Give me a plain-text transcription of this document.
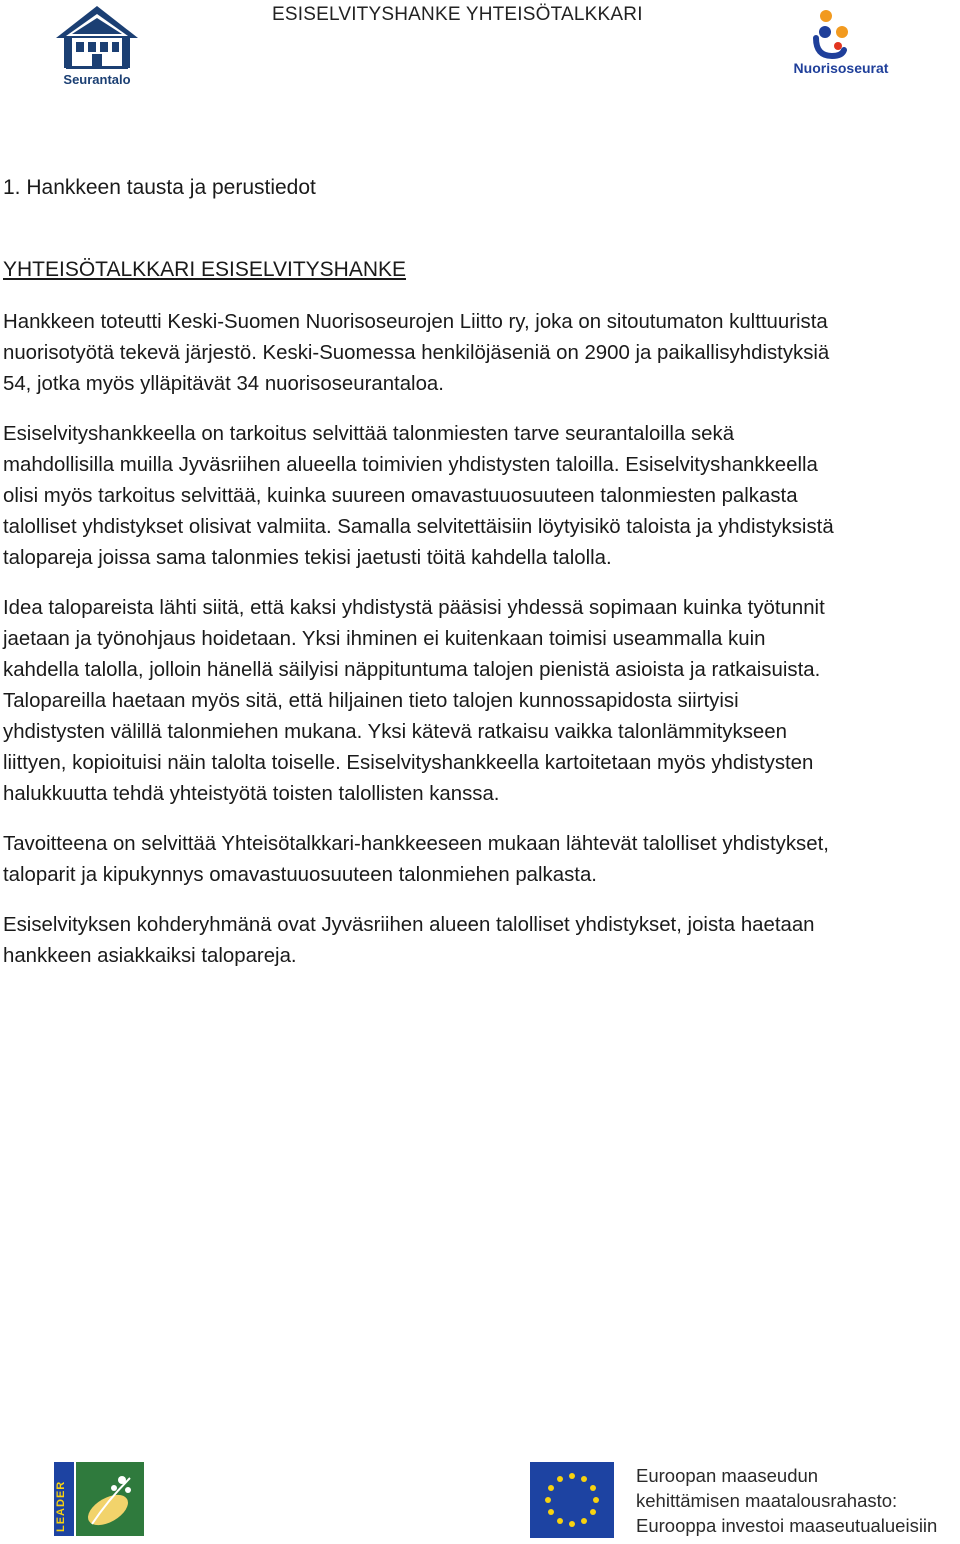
ESISELVITYSHANKE YHTEISÖTALKKARI
Seurantalo
Nuorisoseurat
1. Hankkeen tausta ja perustiedot
YHTEISÖTALKKARI ESISELVITYSHANKE

Hankkeen toteutti Keski-Suomen Nuorisoseurojen Liitto ry, joka on sitoutumaton kulttuurista
nuorisotyötä tekevä järjestö. Keski-Suomessa henkilöjäseniä on 2900 ja paikallisyhdistyksiä
54, jotka myös ylläpitävät 34 nuorisoseurantaloa.

Esiselvityshankkeella on tarkoitus selvittää talonmiesten tarve seurantaloilla sekä
mahdollisilla muilla Jyväsriihen alueella toimivien yhdistysten taloilla. Esiselvityshankkeella
olisi myös tarkoitus selvittää, kuinka suureen omavastuuosuuteen talonmiesten palkasta
talolliset yhdistykset olisivat valmiita. Samalla selvitettäisiin löytyisikö taloista ja yhdistyksistä
talopareja joissa sama talonmies tekisi jaetusti töitä kahdella talolla.

Idea talopareista lähti siitä, että kaksi yhdistystä pääsisi yhdessä sopimaan kuinka työtunnit
jaetaan ja työnohjaus hoidetaan. Yksi ihminen ei kuitenkaan toimisi useammalla kuin
kahdella talolla, jolloin hänellä säilyisi näppituntuma talojen pienistä asioista ja ratkaisuista.
Talopareilla haetaan myös sitä, että hiljainen tieto talojen kunnossapidosta siirtyisi
yhdistysten välillä talonmiehen mukana. Yksi kätevä ratkaisu vaikka talonlämmitykseen
liittyen, kopioituisi näin talolta toiselle. Esiselvityshankkeella kartoitetaan myös yhdistysten
halukkuutta tehdä yhteistyötä toisten talollisten kanssa.

Tavoitteena on selvittää Yhteisötalkkari-hankkeeseen mukaan lähtevät talolliset yhdistykset,
taloparit ja kipukynnys omavastuuosuuteen talonmiehen palkasta.

Esiselvityksen kohderyhmänä ovat Jyväsriihen alueen talolliset yhdistykset, joista haetaan
hankkeen asiakkaiksi talopareja.

LEADER
Euroopan maaseudun
kehittämisen maatalousrahasto:
Eurooppa investoi maaseutualueisiin
